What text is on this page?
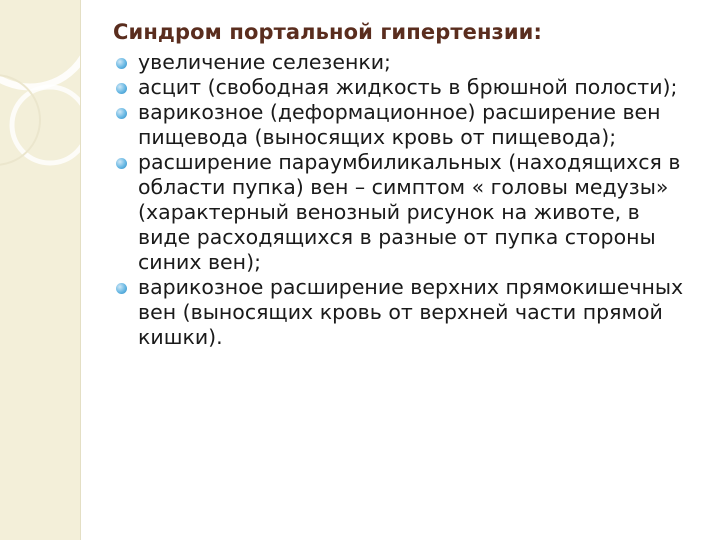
Синдром портальной гипертензии:
увеличение селезенки;
асцит (свободная жидкость в брюшной полости);
варикозное (деформационное) расширение вен пищевода (выносящих кровь от пищевода);
расширение параумбиликальных (находящихся в области пупка) вен – симптом « головы медузы» (характерный венозный рисунок на животе, в виде расходящихся в разные от пупка стороны синих вен);
варикозное расширение верхних прямокишечных вен (выносящих кровь от верхней части прямой кишки).
